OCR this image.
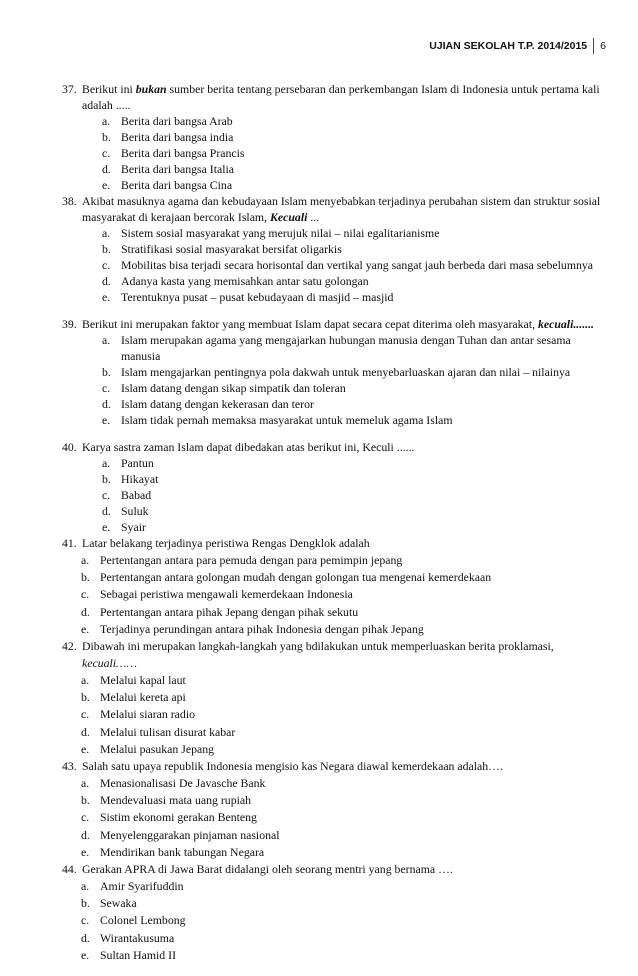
UJIAN SEKOLAH T.P. 2014/2015 6
37. Berikut ini bukan sumber berita tentang persebaran dan perkembangan Islam di Indonesia untuk pertama kali adalah .....
a. Berita dari bangsa Arab
b. Berita dari bangsa india
c. Berita dari bangsa Prancis
d. Berita dari bangsa Italia
e. Berita dari bangsa Cina
38. Akibat masuknya agama dan kebudayaan Islam menyebabkan terjadinya perubahan sistem dan struktur sosial masyarakat di kerajaan bercorak Islam, Kecuali ...
a. Sistem sosial masyarakat yang merujuk nilai – nilai egalitarianisme
b. Stratifikasi sosial masyarakat bersifat oligarkis
c. Mobilitas bisa terjadi secara horisontal dan vertikal yang sangat jauh berbeda dari masa sebelumnya
d. Adanya kasta yang memisahkan antar satu golongan
e. Terentuknya pusat – pusat kebudayaan di masjid – masjid
39. Berikut ini merupakan faktor yang membuat Islam dapat secara cepat diterima oleh masyarakat, kecuali.......
a. Islam merupakan agama yang mengajarkan hubungan manusia dengan Tuhan dan antar sesama manusia
b. Islam mengajarkan pentingnya pola dakwah untuk menyebarluaskan ajaran dan nilai – nilainya
c. Islam datang dengan sikap simpatik dan toleran
d. Islam datang dengan kekerasan dan teror
e. Islam tidak pernah memaksa masyarakat untuk memeluk agama Islam
40. Karya sastra zaman Islam dapat dibedakan atas berikut ini, Keculi ......
a. Pantun
b. Hikayat
c. Babad
d. Suluk
e. Syair
41. Latar belakang terjadinya peristiwa Rengas Dengklok adalah
a. Pertentangan antara para pemuda dengan para pemimpin jepang
b. Pertentangan antara golongan mudah dengan golongan tua mengenai kemerdekaan
c. Sebagai peristiwa mengawali kemerdekaan Indonesia
d. Pertentangan antara pihak Jepang dengan pihak sekutu
e. Terjadinya perundingan antara pihak Indonesia dengan pihak Jepang
42. Dibawah ini merupakan langkah-langkah yang bdilakukan untuk memperluaskan berita proklamasi, kecuali……
a. Melalui kapal laut
b. Melalui kereta api
c. Melalui siaran radio
d. Melalui tulisan disurat kabar
e. Melalui pasukan Jepang
43. Salah satu upaya republik Indonesia mengisio kas Negara diawal kemerdekaan adalah….
a. Menasionalisasi De Javasche Bank
b. Mendevaluasi mata uang rupiah
c. Sistim ekonomi gerakan Benteng
d. Menyelenggarakan pinjaman nasional
e. Mendirikan bank tabungan Negara
44. Gerakan APRA di Jawa Barat didalangi oleh seorang mentri yang bernama ….
a. Amir Syarifuddin
b. Sewaka
c. Colonel Lembong
d. Wirantakusuma
e. Sultan Hamid II
